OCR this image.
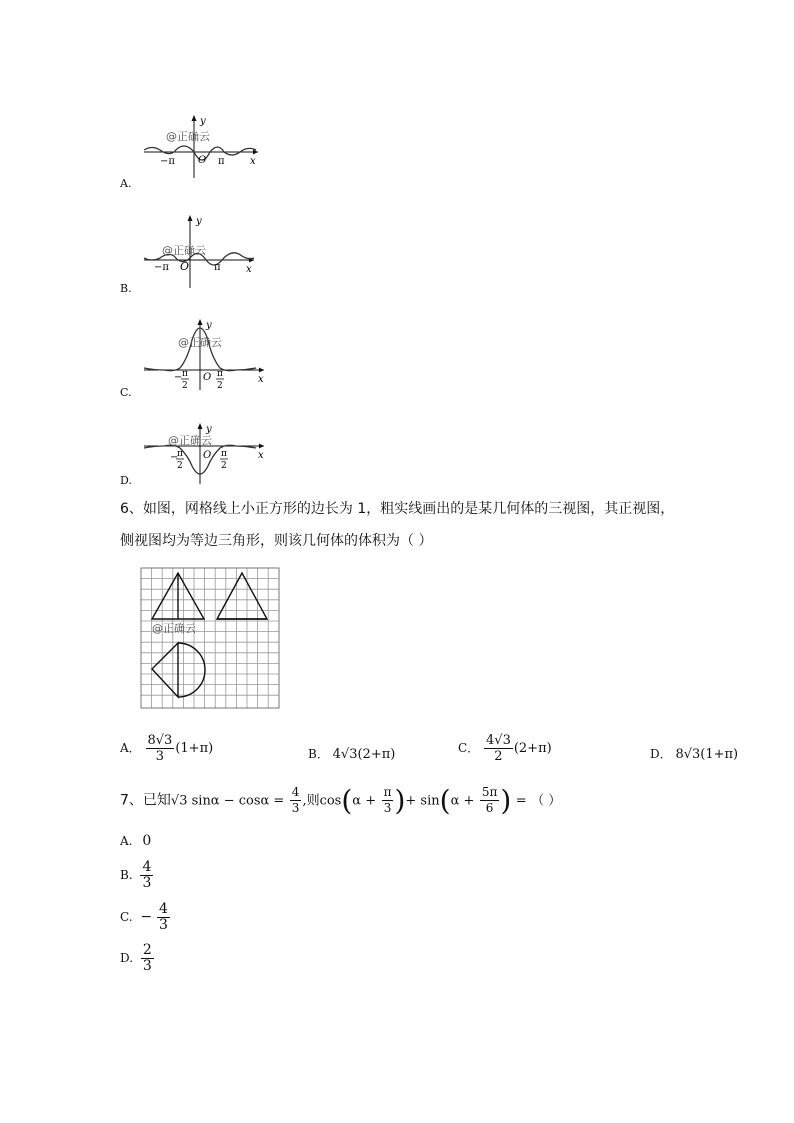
y
x
O
−π	π
@正确云
A.
y
x
O
−π	π
@正确云
B.
y
x
O
− π
2
π
2
@正确云
C.
y
x
O
−
π
2
π
2
@正确云
D.
6、如图，网格线上小正方形的边长为 1，粗实线画出的是某几何体的三视图，其正视图，
侧视图均为等边三角形，则该几何体的体积为（ ）
@正确云
A． $\frac{8√3}{3} (1+\pi)$	B． 4√3(2+π)	C． $\frac{4√3}{2} (2+\pi)$	D． 8√3(1+π)
7、已知√3 $\sin\alpha - \cos\alpha = \frac{4}{3}$ ,则$\cos(\alpha + \frac{\pi}{3}$ )+ $\sin(\alpha + \frac{5\pi}{6}$ ) = （ ）
A. 0
B. $\frac{4}{3}$
C. − $\frac{4}{3}$
D. $\frac{2}{3}$
